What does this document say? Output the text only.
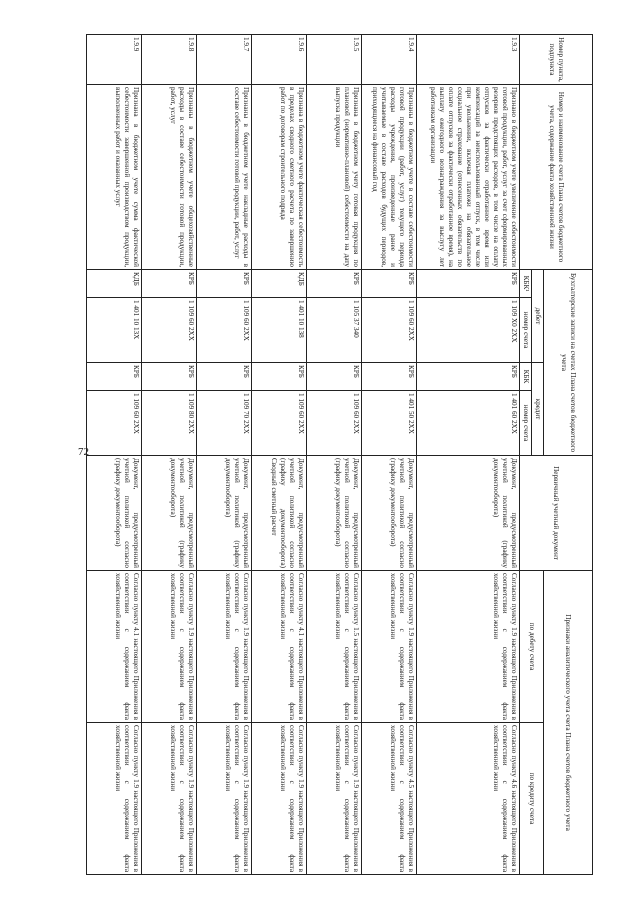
72
Номер пункта, подпункта	Номер и наименование счета Плана счетов бюджетного учета, содержание факта хозяйственной жизни	Бухгалтерские записи на счетах Плана счетов бюджетного учета				Первичный учетный документ	Признаки аналитического учета счета Плана счетов бюджетного учета	
		дебет		кредит			по дебету счета	по кредиту счета
		КБК¹	номер счета	КБК	номер счета			
1.9.3	Признано в бюджетном учете увеличение себестоимости готовой продукции, работ, услуг за счет сформированных резервов предстоящих расходов, в том числе на оплату отпусков за фактически отработанное время или компенсаций за неиспользованный отпуск, в том числе при увольнении, включая платежи на обязательное социальное страхование (отнесенных обязательств по оплате отпусков за фактически отработанное время), на выплату ежегодного вознаграждения за выслугу лет работникам организации	КРБ	1 109 X0 2XX	КРБ	1 401 60 2XX	Документ, предусмотренный учетной политикой (графику документооборота)	Согласно пункту 1.9 настоящего Приложения в соответствии с содержанием факта хозяйственной жизни	Согласно пункту 4.6 настоящего Приложения в соответствии с содержанием факта хозяйственной жизни
1.9.4	Признаны в бюджетном учете в составе себестоимости готовой продукции (работ, услуг) текущего периода расходы учреждения, произведенные ранее и учитываемые в составе расходов будущих периодов, приходящиеся на финансовый год	КРБ	1 109 60 2XX	КРБ	1 401 50 2XX	Документ, предусмотренный учетной политикой согласно (графику документооборота)	Согласно пункту 1.9 настоящего Приложения в соответствии с содержанием факта хозяйственной жизни	Согласно пункту 4.5 настоящего Приложения в соответствии с содержанием факта хозяйственной жизни
1.9.5	Признана в бюджетном учету готовая продукция по плановой (нормативно-плановой) себестоимости на дату выпуска продукции	КРБ	1 105 37 340	КРБ	1 109 60 2XX	Документ, предусмотренный учетной политикой согласно (графику документооборота)	Согласно пункту 1.5 настоящего Приложения в соответствии с содержанием факта хозяйственной жизни	Согласно пункту 1.9 настоящего Приложения в соответствии с содержанием факта хозяйственной жизни
1.9.6	Признана в бюджетном учете фактическая себестоимость в пределах сводного сметного расчета по завершению работ по договорам строительного подряда	КДБ	1 401 10 138	КРБ	1 109 60 2XX	Документ, предусмотренный учетной политикой согласно (графику документооборота) Сводный сметный расчет	Согласно пункту 4.1 настоящего Приложения в соответствии с содержанием факта хозяйственной жизни	Согласно пункту 1.9 настоящего Приложения в соответствии с содержанием факта хозяйственной жизни
1.9.7	Признаны в бюджетном учете накладные расходы в составе себестоимости готовой продукции, работ, услуг	КРБ	1 109 60 2XX	КРБ	1 109 70 2XX	Документ, предусмотренный учетной политикой (графику документооборота)	Согласно пункту 1.9 настоящего Приложения в соответствии с содержанием факта хозяйственной жизни	Согласно пункту 1.9 настоящего Приложения в соответствии с содержанием факта хозяйственной жизни
1.9.8	Признаны в бюджетном учете общехозяйственные расходы в составе себестоимости готовой продукции, работ, услуг	КРБ	1 109 60 2XX	КРБ	1 109 80 2XX	Документ, предусмотренный учетной политикой (графику документооборота)	Согласно пункту 1.9 настоящего Приложения в соответствии с содержанием факта хозяйственной жизни	Согласно пункту 1.9 настоящего Приложения в соответствии с содержанием факта хозяйственной жизни
1.9.9	Признана в бюджетном учете сумма фактической себестоимости завершенной производством продукции, выполненных работ и оказанных услуг	КДБ	1 401 10 13X	КРБ	1 109 60 2XX	Документ, предусмотренный учетной политикой согласно (графику документооборота)	Согласно пункту 4.1 настоящего Приложения в соответствии с содержанием факта хозяйственной жизни	Согласно пункту 1.9 настоящего Приложения в соответствии с содержанием факта хозяйственной жизни
